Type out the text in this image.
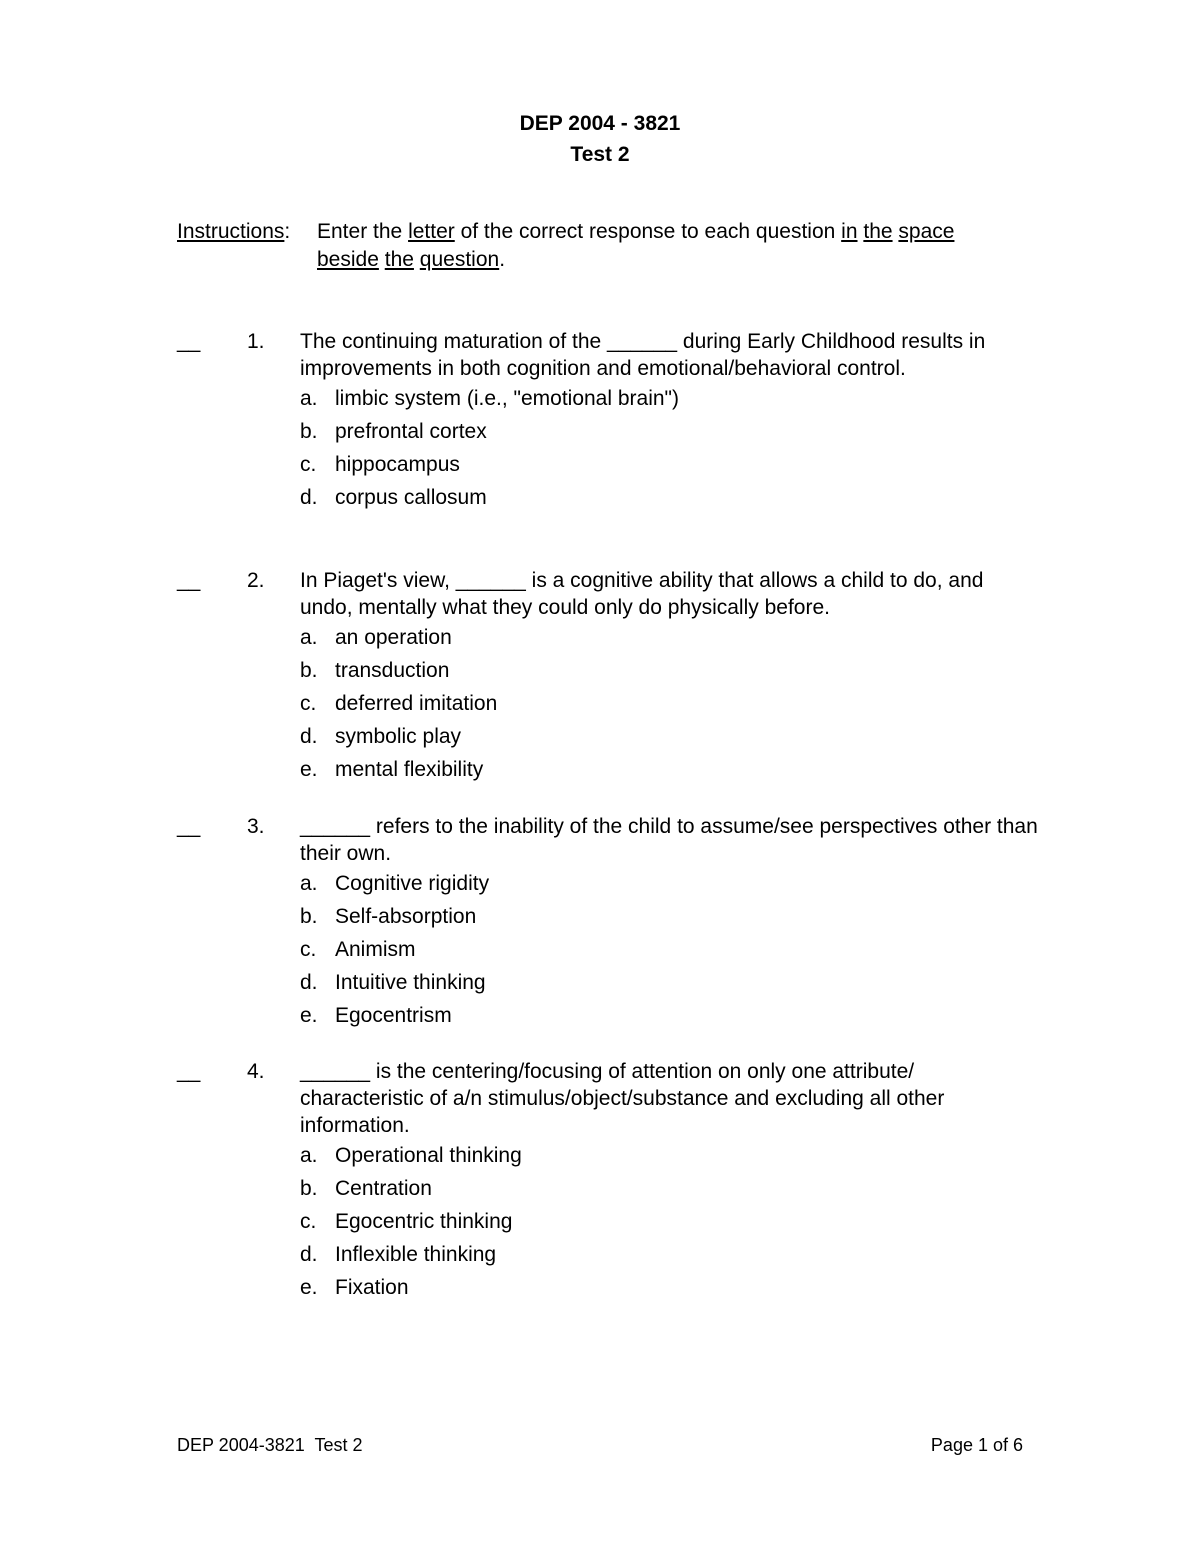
DEP 2004 - 3821
Test 2
Instructions: Enter the letter of the correct response to each question in the space beside the question.
__ 1. The continuing maturation of the ______ during Early Childhood results in improvements in both cognition and emotional/behavioral control.

a. limbic system (i.e., "emotional brain")
b. prefrontal cortex
c. hippocampus
d. corpus callosum
__ 2. In Piaget's view, ______ is a cognitive ability that allows a child to do, and undo, mentally what they could only do physically before.

a. an operation
b. transduction
c. deferred imitation
d. symbolic play
e. mental flexibility
__ 3. ______ refers to the inability of the child to assume/see perspectives other than their own.

a. Cognitive rigidity
b. Self-absorption
c. Animism
d. Intuitive thinking
e. Egocentrism
__ 4. ______ is the centering/focusing of attention on only one attribute/ characteristic of a/n stimulus/object/substance and excluding all other information.

a. Operational thinking
b. Centration
c. Egocentric thinking
d. Inflexible thinking
e. Fixation
DEP 2004-3821  Test 2	Page 1 of 6
